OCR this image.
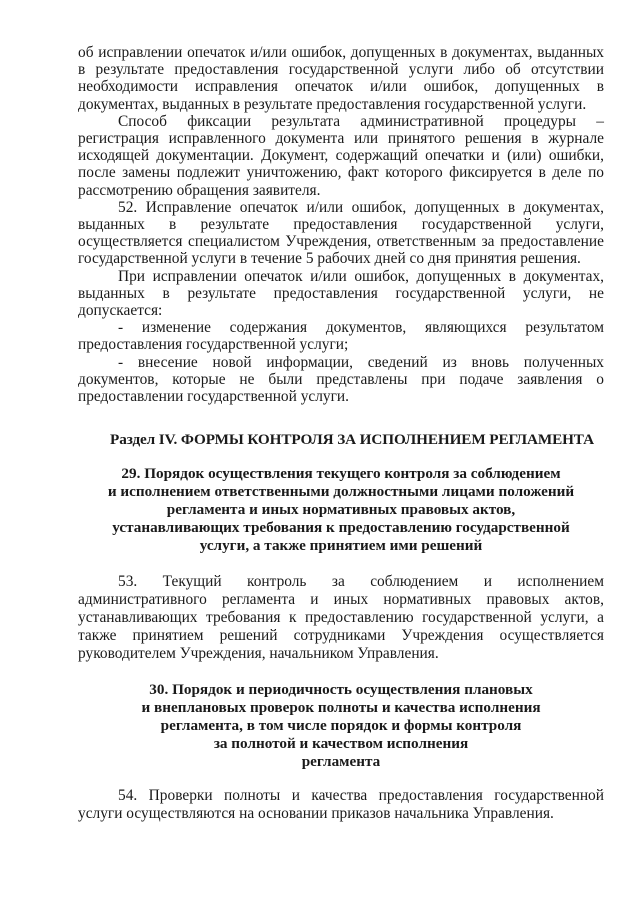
об исправлении опечаток и/или ошибок, допущенных в документах, выданных в результате предоставления государственной услуги либо об отсутствии необходимости исправления опечаток и/или ошибок, допущенных в документах, выданных в результате предоставления государственной услуги.

Способ фиксации результата административной процедуры – регистрация исправленного документа или принятого решения в журнале исходящей документации. Документ, содержащий опечатки и (или) ошибки, после замены подлежит уничтожению, факт которого фиксируется в деле по рассмотрению обращения заявителя.

52. Исправление опечаток и/или ошибок, допущенных в документах, выданных в результате предоставления государственной услуги, осуществляется специалистом Учреждения, ответственным за предоставление государственной услуги в течение 5 рабочих дней со дня принятия решения.

При исправлении опечаток и/или ошибок, допущенных в документах, выданных в результате предоставления государственной услуги, не допускается:

- изменение содержания документов, являющихся результатом предоставления государственной услуги;

- внесение новой информации, сведений из вновь полученных документов, которые не были представлены при подаче заявления о предоставлении государственной услуги.

Раздел IV. ФОРМЫ КОНТРОЛЯ ЗА ИСПОЛНЕНИЕМ РЕГЛАМЕНТА
29. Порядок осуществления текущего контроля за соблюдением
и исполнением ответственными должностными лицами положений
регламента и иных нормативных правовых актов,
устанавливающих требования к предоставлению государственной
услуги, а также принятием ими решений

53. Текущий контроль за соблюдением и исполнением административного регламента и иных нормативных правовых актов, устанавливающих требования к предоставлению государственной услуги, а также принятием решений сотрудниками Учреждения осуществляется руководителем Учреждения, начальником Управления.

30. Порядок и периодичность осуществления плановых
и внеплановых проверок полноты и качества исполнения
регламента, в том числе порядок и формы контроля
за полнотой и качеством исполнения
регламента

54. Проверки полноты и качества предоставления государственной услуги осуществляются на основании приказов начальника Управления.
